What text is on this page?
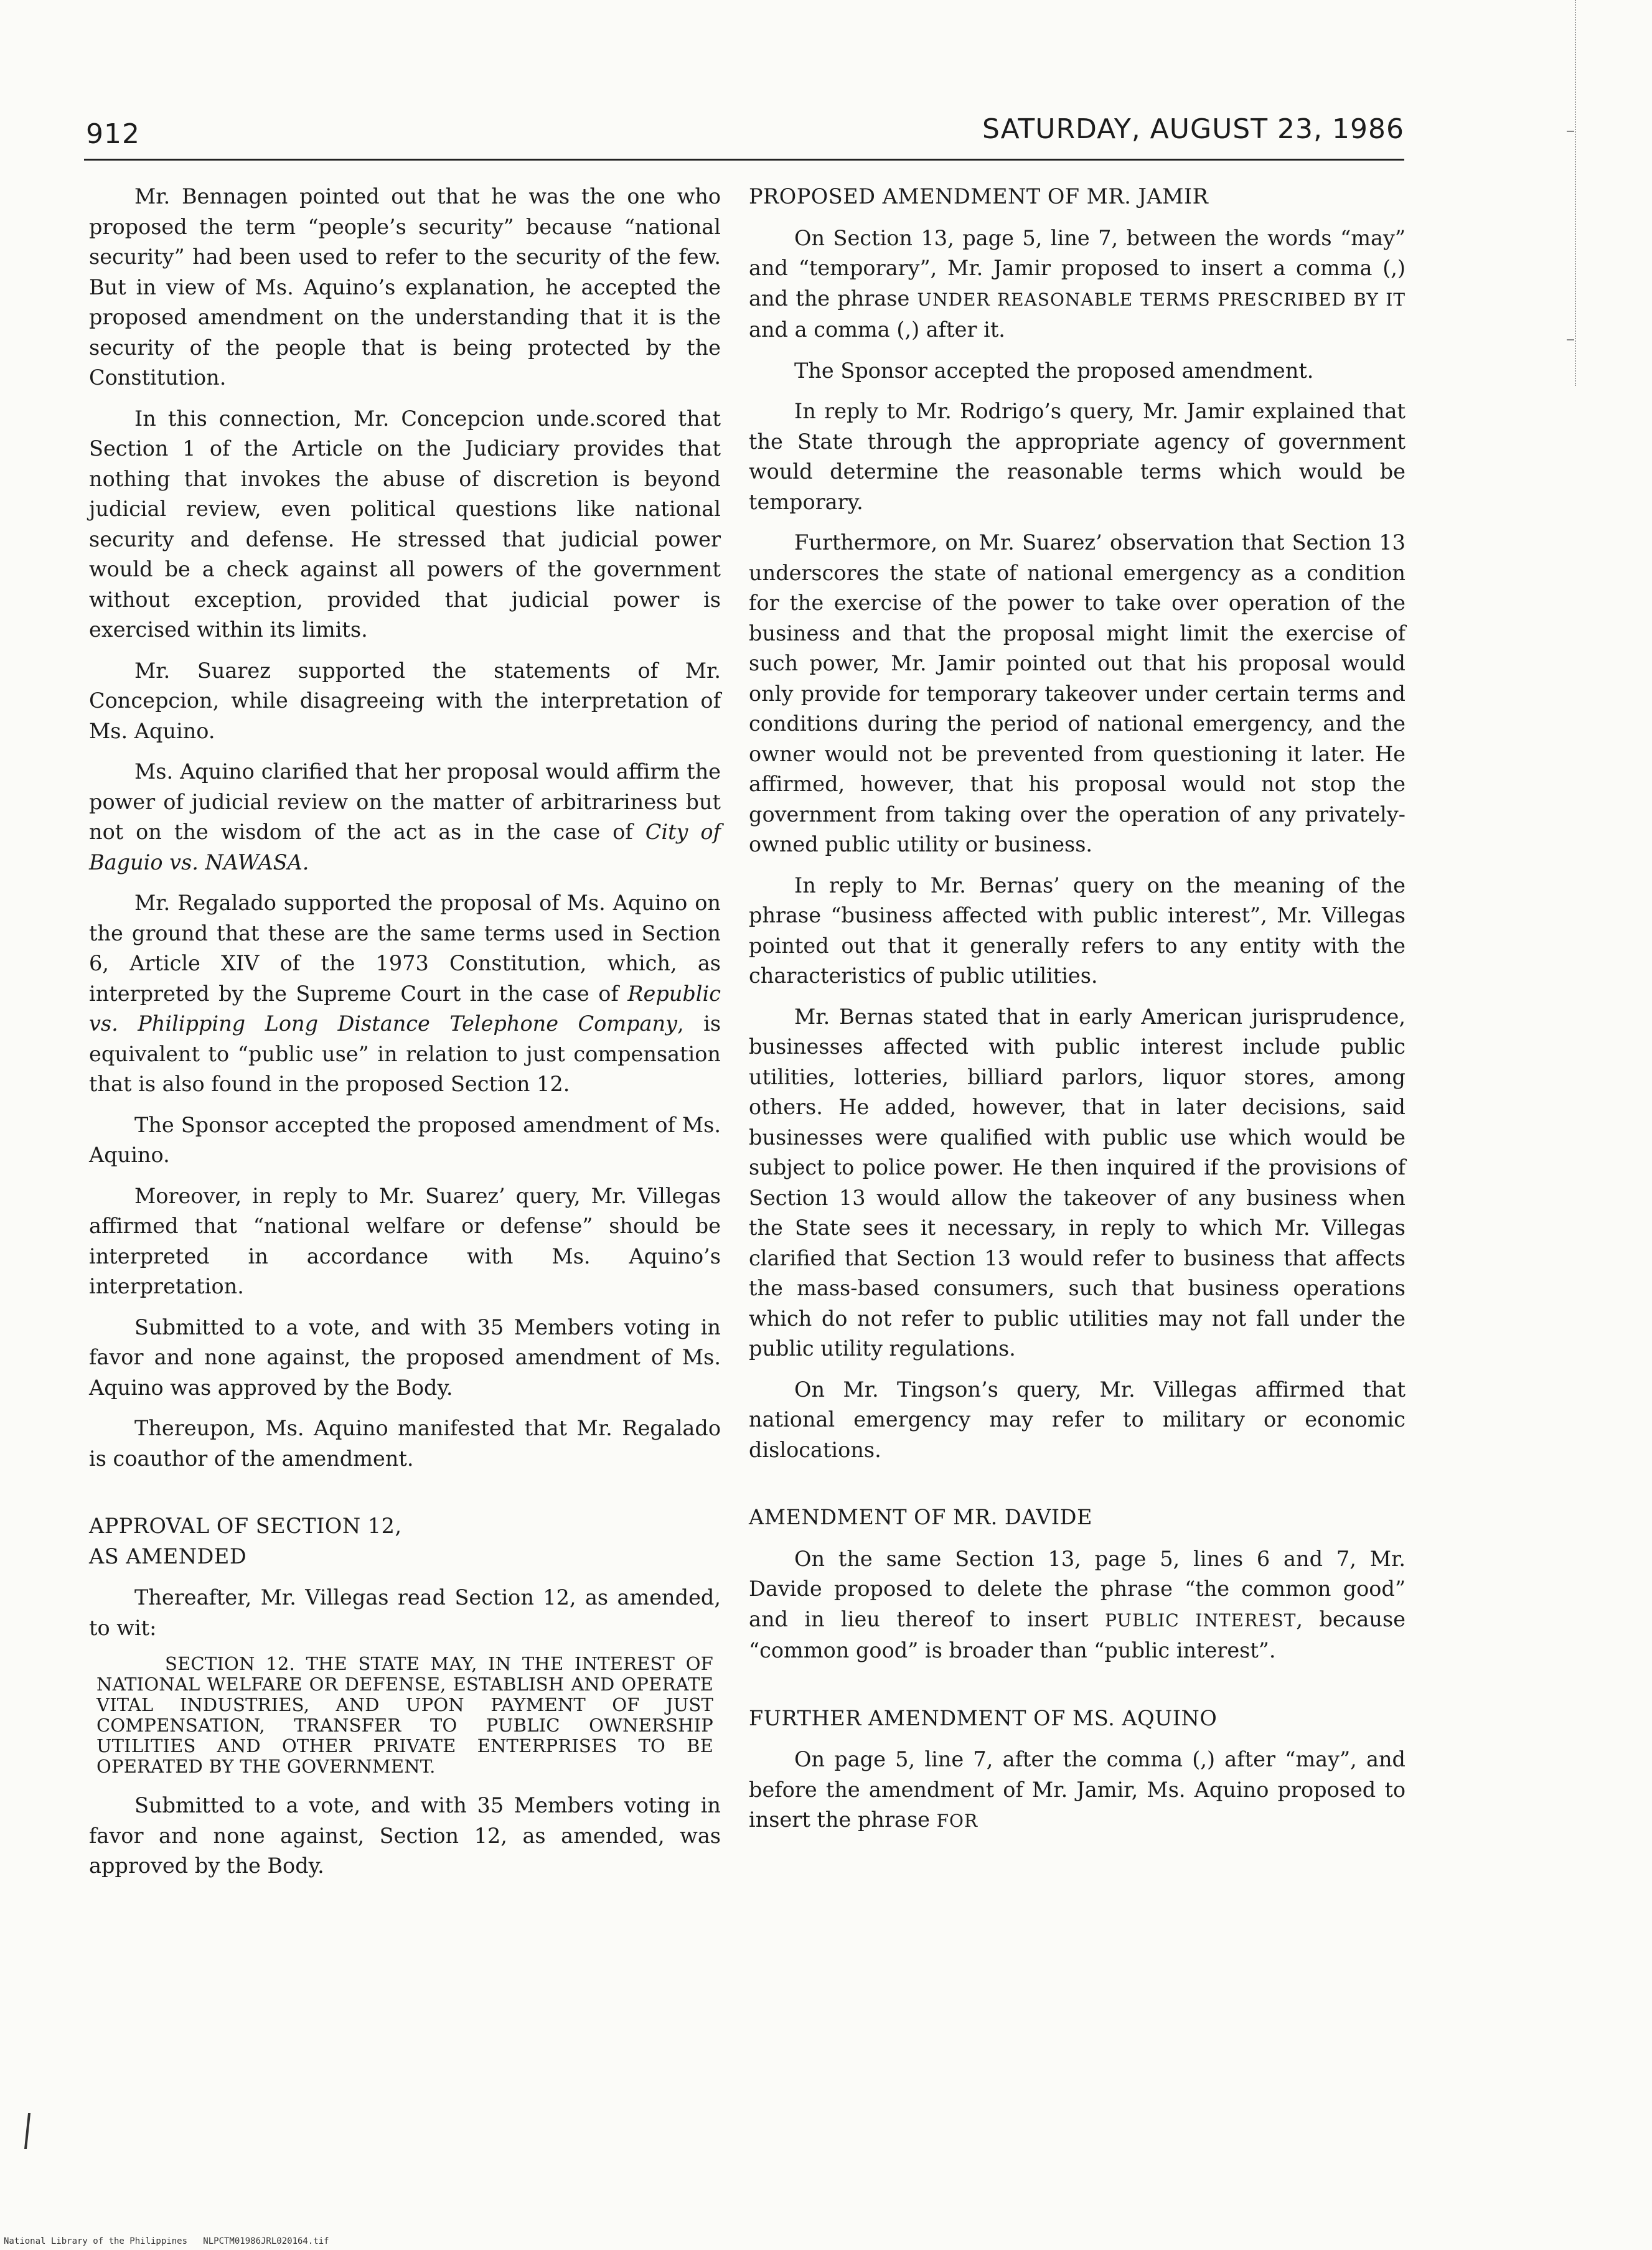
912	SATURDAY, AUGUST 23, 1986

Mr. Bennagen pointed out that he was the one who proposed the term “people’s security” because “national security” had been used to refer to the security of the few. But in view of Ms. Aquino’s explanation, he accepted the proposed amendment on the understanding that it is the security of the people that is being protected by the Constitution.

In this connection, Mr. Concepcion unde.scored that Section 1 of the Article on the Judiciary provides that nothing that invokes the abuse of discretion is beyond judicial review, even political questions like national security and defense. He stressed that judicial power would be a check against all powers of the government without exception, provided that judicial power is exercised within its limits.

Mr. Suarez supported the statements of Mr. Concepcion, while disagreeing with the interpretation of Ms. Aquino.

Ms. Aquino clarified that her proposal would affirm the power of judicial review on the matter of arbitrariness but not on the wisdom of the act as in the case of City of Baguio vs. NAWASA.

Mr. Regalado supported the proposal of Ms. Aquino on the ground that these are the same terms used in Section 6, Article XIV of the 1973 Constitution, which, as interpreted by the Supreme Court in the case of Republic vs. Philipping Long Distance Telephone Company, is equivalent to “public use” in relation to just compensation that is also found in the proposed Section 12.

The Sponsor accepted the proposed amendment of Ms. Aquino.

Moreover, in reply to Mr. Suarez’ query, Mr. Villegas affirmed that “national welfare or defense” should be interpreted in accordance with Ms. Aquino’s interpretation.

Submitted to a vote, and with 35 Members voting in favor and none against, the proposed amendment of Ms. Aquino was approved by the Body.

Thereupon, Ms. Aquino manifested that Mr. Regalado is coauthor of the amendment.

APPROVAL OF SECTION 12,
AS AMENDED

Thereafter, Mr. Villegas read Section 12, as amended, to wit:

SECTION 12. THE STATE MAY, IN THE INTEREST OF NATIONAL WELFARE OR DEFENSE, ESTABLISH AND OPERATE VITAL INDUSTRIES, AND UPON PAYMENT OF JUST COMPENSATION, TRANSFER TO PUBLIC OWNERSHIP UTILITIES AND OTHER PRIVATE ENTERPRISES TO BE OPERATED BY THE GOVERNMENT.

Submitted to a vote, and with 35 Members voting in favor and none against, Section 12, as amended, was approved by the Body.

PROPOSED AMENDMENT OF MR. JAMIR

On Section 13, page 5, line 7, between the words “may” and “temporary”, Mr. Jamir proposed to insert a comma (,) and the phrase UNDER REASONABLE TERMS PRESCRIBED BY IT and a comma (,) after it.

The Sponsor accepted the proposed amendment.

In reply to Mr. Rodrigo’s query, Mr. Jamir explained that the State through the appropriate agency of government would determine the reasonable terms which would be temporary.

Furthermore, on Mr. Suarez’ observation that Section 13 underscores the state of national emergency as a condition for the exercise of the power to take over operation of the business and that the proposal might limit the exercise of such power, Mr. Jamir pointed out that his proposal would only provide for temporary takeover under certain terms and conditions during the period of national emergency, and the owner would not be prevented from questioning it later. He affirmed, however, that his proposal would not stop the government from taking over the operation of any privately-owned public utility or business.

In reply to Mr. Bernas’ query on the meaning of the phrase “business affected with public interest”, Mr. Villegas pointed out that it generally refers to any entity with the characteristics of public utilities.

Mr. Bernas stated that in early American jurisprudence, businesses affected with public interest include public utilities, lotteries, billiard parlors, liquor stores, among others. He added, however, that in later decisions, said businesses were qualified with public use which would be subject to police power. He then inquired if the provisions of Section 13 would allow the takeover of any business when the State sees it necessary, in reply to which Mr. Villegas clarified that Section 13 would refer to business that affects the mass-based consumers, such that business operations which do not refer to public utilities may not fall under the public utility regulations.

On Mr. Tingson’s query, Mr. Villegas affirmed that national emergency may refer to military or economic dislocations.

AMENDMENT OF MR. DAVIDE

On the same Section 13, page 5, lines 6 and 7, Mr. Davide proposed to delete the phrase “the common good” and in lieu thereof to insert PUBLIC INTEREST, because “common good” is broader than “public interest”.

FURTHER AMENDMENT OF MS. AQUINO

On page 5, line 7, after the comma (,) after “may”, and before the amendment of Mr. Jamir, Ms. Aquino proposed to insert the phrase FOR

National Library of the Philippines   NLPCTM01986JRL020164.tif
